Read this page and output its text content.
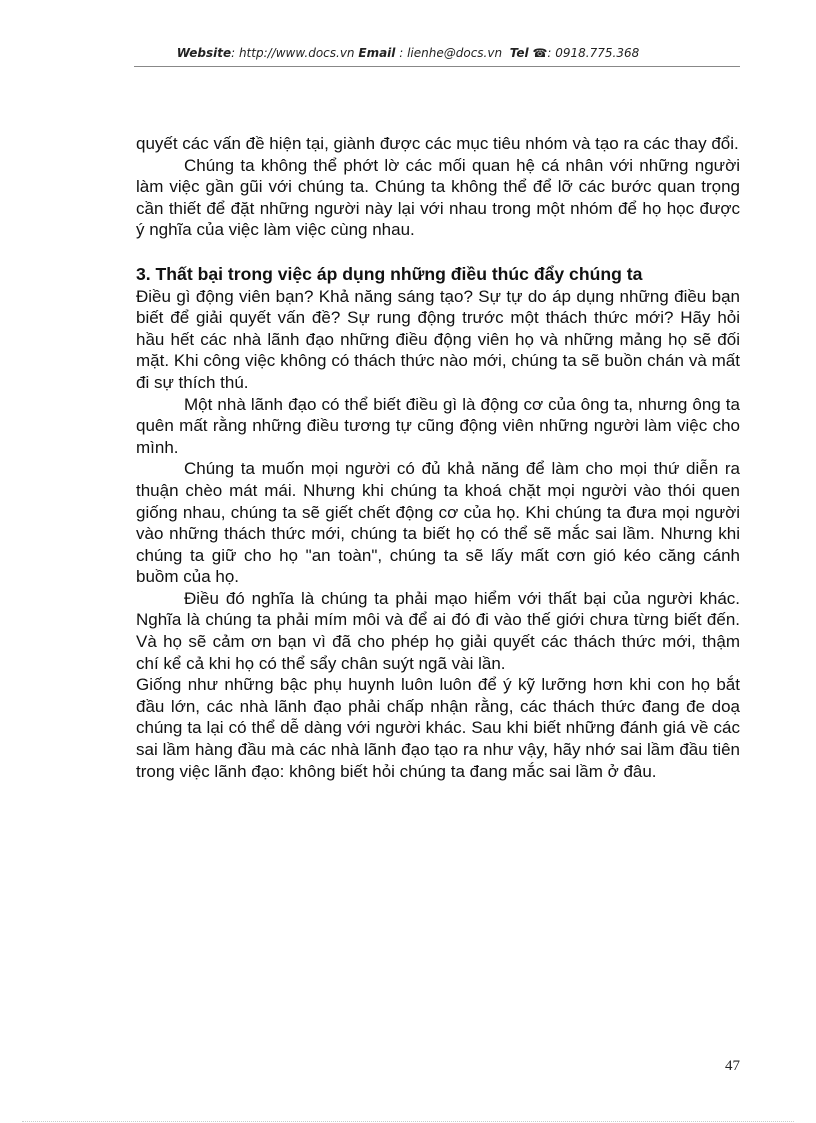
Website: http://www.docs.vn Email : lienhe@docs.vn Tel ☎: 0918.775.368

quyết các vấn đề hiện tại, giành được các mục tiêu nhóm và tạo ra các thay đổi.

Chúng ta không thể phớt lờ các mối quan hệ cá nhân với những người làm việc gần gũi với chúng ta. Chúng ta không thể để lỡ các bước quan trọng cần thiết để đặt những người này lại với nhau trong một nhóm để họ học được ý nghĩa của việc làm việc cùng nhau.

3. Thất bại trong việc áp dụng những điều thúc đẩy chúng ta

Điều gì động viên bạn? Khả năng sáng tạo? Sự tự do áp dụng những điều bạn biết để giải quyết vấn đề? Sự rung động trước một thách thức mới? Hãy hỏi hầu hết các nhà lãnh đạo những điều động viên họ và những mảng họ sẽ đối mặt. Khi công việc không có thách thức nào mới, chúng ta sẽ buồn chán và mất đi sự thích thú.

Một nhà lãnh đạo có thể biết điều gì là động cơ của ông ta, nhưng ông ta quên mất rằng những điều tương tự cũng động viên những người làm việc cho mình.

Chúng ta muốn mọi người có đủ khả năng để làm cho mọi thứ diễn ra thuận chèo mát mái. Nhưng khi chúng ta khoá chặt mọi người vào thói quen giống nhau, chúng ta sẽ giết chết động cơ của họ. Khi chúng ta đưa mọi người vào những thách thức mới, chúng ta biết họ có thể sẽ mắc sai lầm. Nhưng khi chúng ta giữ cho họ "an toàn", chúng ta sẽ lấy mất cơn gió kéo căng cánh buồm của họ.

Điều đó nghĩa là chúng ta phải mạo hiểm với thất bại của người khác. Nghĩa là chúng ta phải mím môi và để ai đó đi vào thế giới chưa từng biết đến. Và họ sẽ cảm ơn bạn vì đã cho phép họ giải quyết các thách thức mới, thậm chí kể cả khi họ có thể sẩy chân suýt ngã vài lần.

Giống như những bậc phụ huynh luôn luôn để ý kỹ lưỡng hơn khi con họ bắt đầu lớn, các nhà lãnh đạo phải chấp nhận rằng, các thách thức đang đe doạ chúng ta lại có thể dễ dàng với người khác. Sau khi biết những đánh giá về các sai lầm hàng đầu mà các nhà lãnh đạo tạo ra như vậy, hãy nhớ sai lầm đầu tiên trong việc lãnh đạo: không biết hỏi chúng ta đang mắc sai lầm ở đâu.

47
